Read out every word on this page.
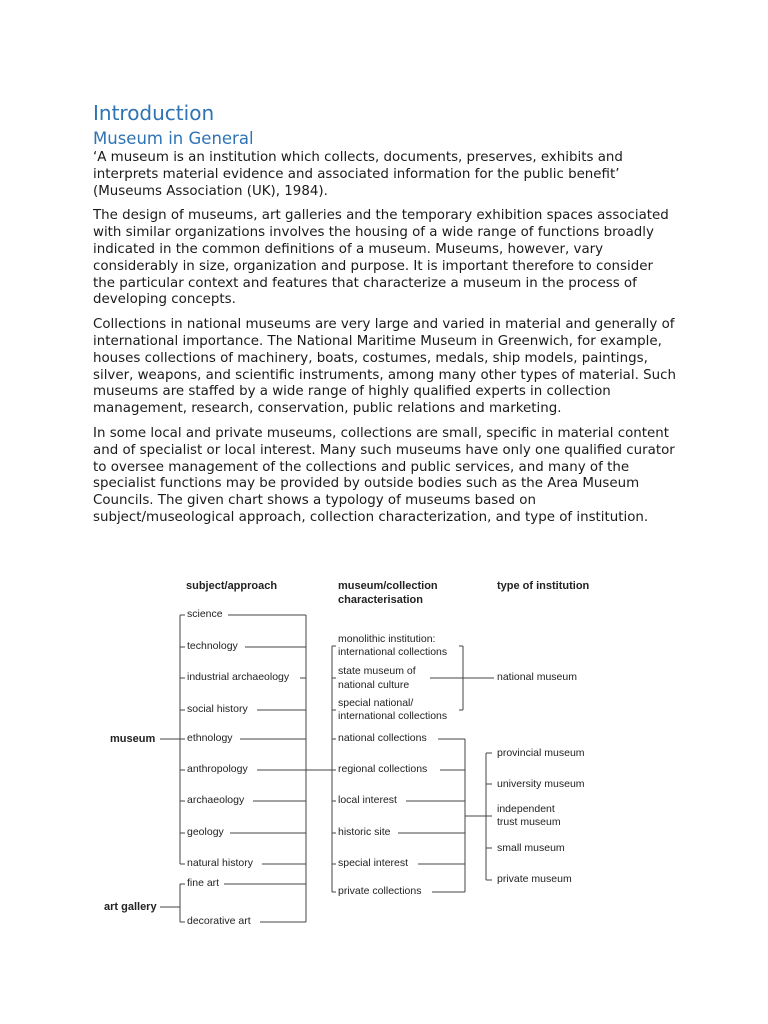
Introduction
Museum in General

‘A museum is an institution which collects, documents, preserves, exhibits and interprets material evidence and associated information for the public benefit’ (Museums Association (UK), 1984).

The design of museums, art galleries and the temporary exhibition spaces associated with similar organizations involves the housing of a wide range of functions broadly indicated in the common definitions of a museum. Museums, however, vary considerably in size, organization and purpose. It is important therefore to consider the particular context and features that characterize a museum in the process of developing concepts.

Collections in national museums are very large and varied in material and generally of international importance. The National Maritime Museum in Greenwich, for example, houses collections of machinery, boats, costumes, medals, ship models, paintings, silver, weapons, and scientific instruments, among many other types of material. Such museums are staffed by a wide range of highly qualified experts in collection management, research, conservation, public relations and marketing.

In some local and private museums, collections are small, specific in material content and of specialist or local interest. Many such museums have only one qualified curator to oversee management of the collections and public services, and many of the specialist functions may be provided by outside bodies such as the Area Museum Councils. The given chart shows a typology of museums based on subject/museological approach, collection characterization, and type of institution.

subject/approach	museum/collection
characterisation
type of institution
museum
art gallery
science
technology
industrial archaeology
social history
ethnology
anthropology
archaeology
geology
natural history
fine art
decorative art
monolithic institution:
international collections
state museum of
national culture
special national/
international collections
national collections
regional collections
local interest
historic site
special interest
private collections
national museum
provincial museum
university museum
independent trust museum
small museum
private museum
